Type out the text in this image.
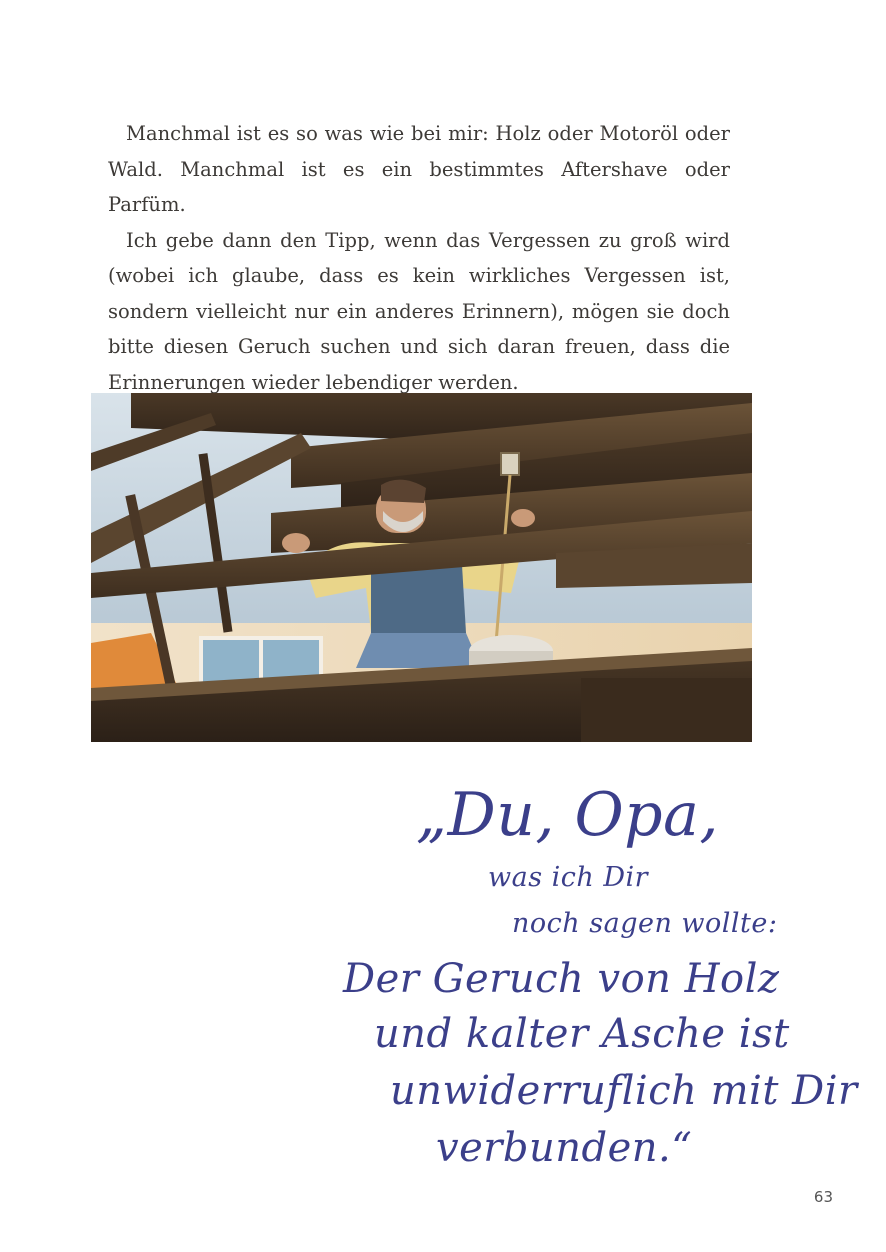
Manchmal ist es so was wie bei mir: Holz oder Motoröl oder Wald. Manchmal ist es ein bestimmtes Aftershave oder Parfüm.

Ich gebe dann den Tipp, wenn das Vergessen zu groß wird (wobei ich glaube, dass es kein wirkliches Vergessen ist, sondern vielleicht nur ein anderes Erinnern), mögen sie doch bitte diesen Geruch suchen und sich daran freuen, dass die Erinnerungen wieder lebendiger werden.

„Du, Opa,
was ich Dir
noch sagen wollte:
Der Geruch von Holz
und kalter Asche ist
unwiderruflich mit Dir
verbunden.“
63
